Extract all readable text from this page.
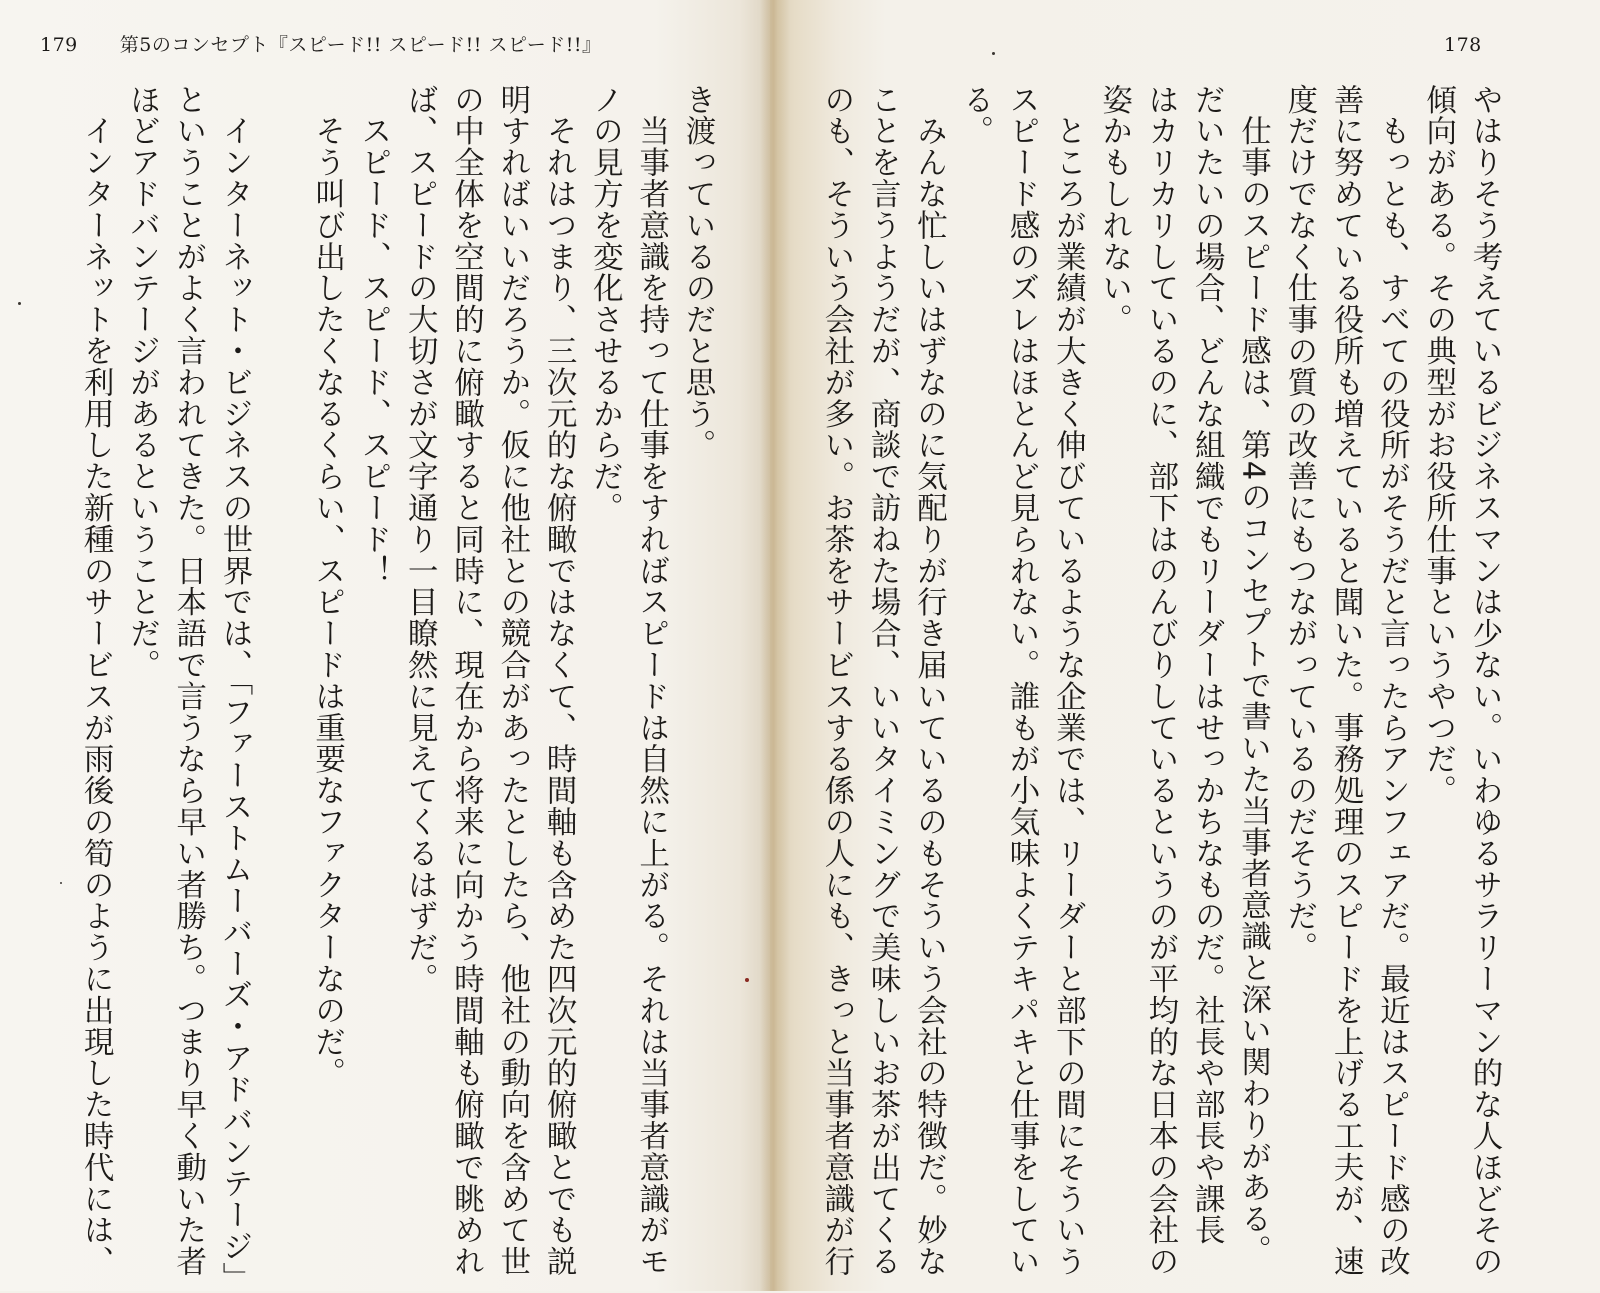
179 第5のコンセプト『スピード!! スピード!! スピード!!』	178
やはりそう考えているビジネスマンは少ない。いわゆるサラリーマン的な人ほどその
傾向がある。その典型がお役所仕事というやつだ。
　もっとも、すべての役所がそうだと言ったらアンフェアだ。最近はスピード感の改
善に努めている役所も増えていると聞いた。事務処理のスピードを上げる工夫が、速
度だけでなく仕事の質の改善にもつながっているのだそうだ。
　仕事のスピード感は、第4のコンセプトで書いた当事者意識と深い関わりがある。
だいたいの場合、どんな組織でもリーダーはせっかちなものだ。社長や部長や課長
はカリカリしているのに、部下はのんびりしているというのが平均的な日本の会社の
姿かもしれない。
　ところが業績が大きく伸びているような企業では、リーダーと部下の間にそういう
スピード感のズレはほとんど見られない。誰もが小気味よくテキパキと仕事をしてい
る。
　みんな忙しいはずなのに気配りが行き届いているのもそういう会社の特徴だ。妙な
ことを言うようだが、商談で訪ねた場合、いいタイミングで美味しいお茶が出てくる
のも、そういう会社が多い。お茶をサービスする係の人にも、きっと当事者意識が行
き渡っているのだと思う。
　当事者意識を持って仕事をすればスピードは自然に上がる。それは当事者意識がモ
ノの見方を変化させるからだ。
　それはつまり、三次元的な俯瞰ではなくて、時間軸も含めた四次元的俯瞰とでも説
明すればいいだろうか。仮に他社との競合があったとしたら、他社の動向を含めて世
の中全体を空間的に俯瞰すると同時に、現在から将来に向かう時間軸も俯瞰で眺めれ
ば、スピードの大切さが文字通り一目瞭然に見えてくるはずだ。
　スピード、スピード、スピード！
　そう叫び出したくなるくらい、スピードは重要なファクターなのだ。

　インターネット・ビジネスの世界では、「ファーストムーバーズ・アドバンテージ」
ということがよく言われてきた。日本語で言うなら早い者勝ち。つまり早く動いた者
ほどアドバンテージがあるということだ。
　インターネットを利用した新種のサービスが雨後の筍のように出現した時代には、
